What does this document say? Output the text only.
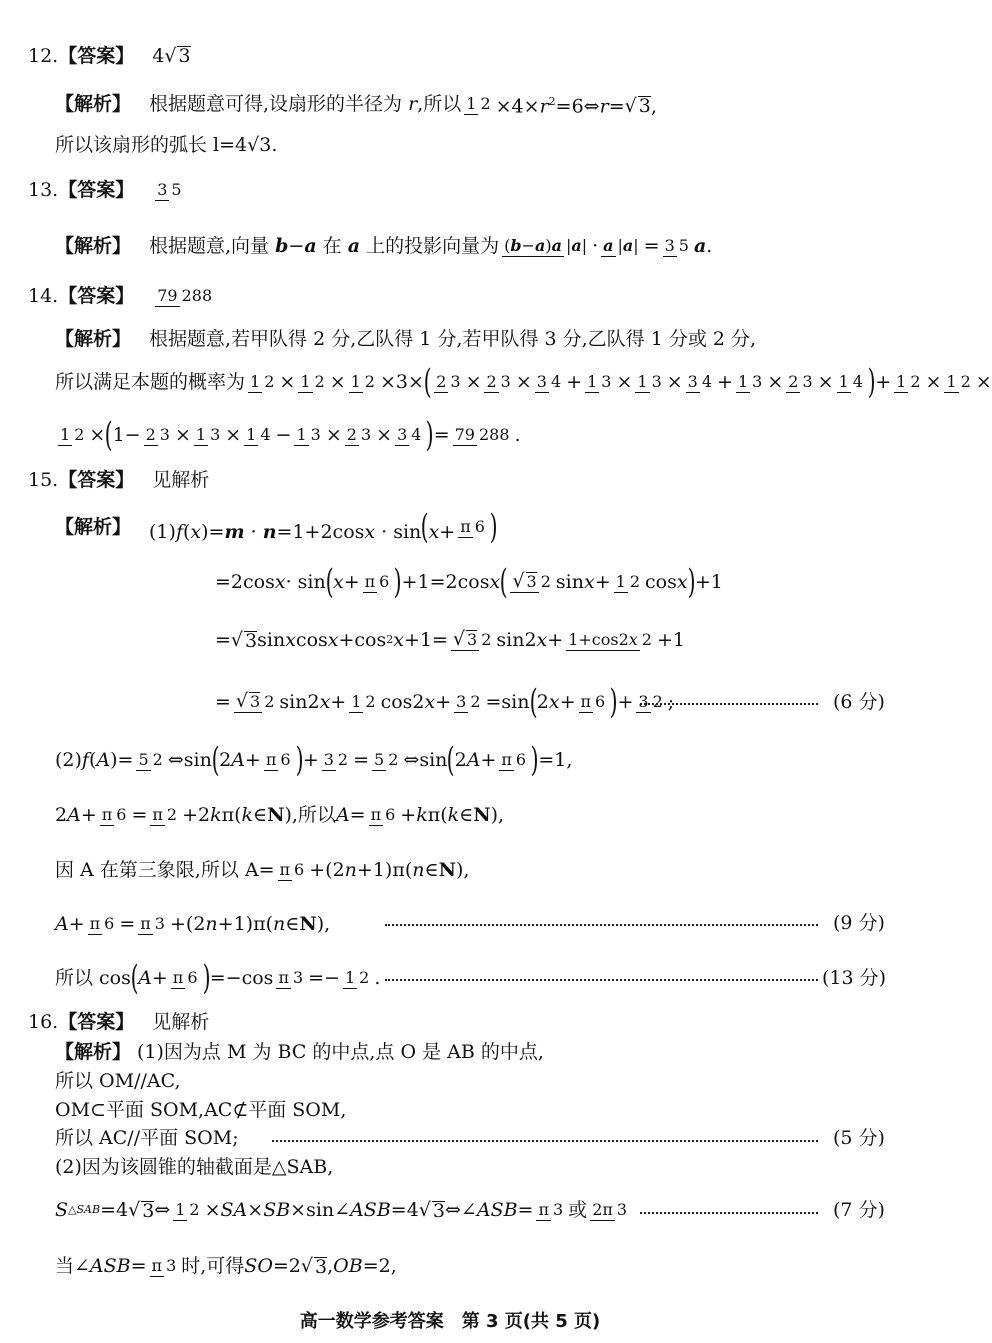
12. 【答案】 4√ 3
【解析】 根据题意可得,设扇形的半径为 r,所以 1 2 ×4×r2=6⇔r=√ 3,
所以该扇形的弧长 l=4√3.
13. 【答案】 3 5
【解析】 根据题意,向量 b−a 在 a 上的投影向量为 (b−a)a |a| · a |a| = 3 5 a.
14. 【答案】 79 288
【解析】 根据题意,若甲队得 2 分,乙队得 1 分,若甲队得 3 分,乙队得 1 分或 2 分,
所以满足本题的概率为 1 2 × 1 2 × 1 2 ×3× ( 2 3 × 2 3 × 3 4 + 1 3 × 1 3 × 3 4 + 1 3 × 2 3 × 1 4 ) + 1 2 × 1 2 ×
1 2 × ( 1− 2 3 × 1 3 × 1 4 − 1 3 × 2 3 × 3 4 ) = 79 288 .
15. 【答案】 见解析
【解析】 (1)f(x)=m · n=1+2cosx · sin(x+ π 6 )
=2cos x · sin ( x + π 6 ) +1=2cos x ( √ 3 2 sin x + 1 2 cos x ) +1
= √ 3 sin x cos x +cos 2 x +1= √ 3 2 sin2 x + 1+cos2x 2 +1
= √ 3 2 sin2 x + 1 2 cos2 x + 3 2 =sin ( 2 x + π 6 ) + 3 2 ;	(6 分)
(2) f ( A )= 5 2 ⇔sin ( 2 A + π 6 ) + 3 2 = 5 2 ⇔sin ( 2 A + π 6 ) =1,
2 A + π 6 = π 2 +2 k π( k ∈ N ),所以 A = π 6 + k π( k ∈ N ),
因 A 在第三象限,所以 A= π 6 +(2 n +1)π( n ∈ N ),
A + π 6 = π 3 +(2 n +1)π( n ∈ N ),	(9 分)
所以 cos ( A + π 6 ) =−cos π 3 =− 1 2 .	(13 分)
16. 【答案】 见解析
【解析】 (1)因为点 M 为 BC 的中点,点 O 是 AB 的中点,
所以 OM//AC,
OM⊂平面 SOM,AC⊄平面 SOM,
所以 AC//平面 SOM;	(5 分)
(2)因为该圆锥的轴截面是△SAB,
S △SAB =4 √ 3 ⇔ 1 2 × SA × SB ×sin∠ ASB =4 √ 3 ⇔∠ ASB = π 3 或 2π 3	(7 分)
当∠ ASB = π 3 时,可得 SO =2 √ 3 , OB =2,
高一数学参考答案　第 3 页(共 5 页)
